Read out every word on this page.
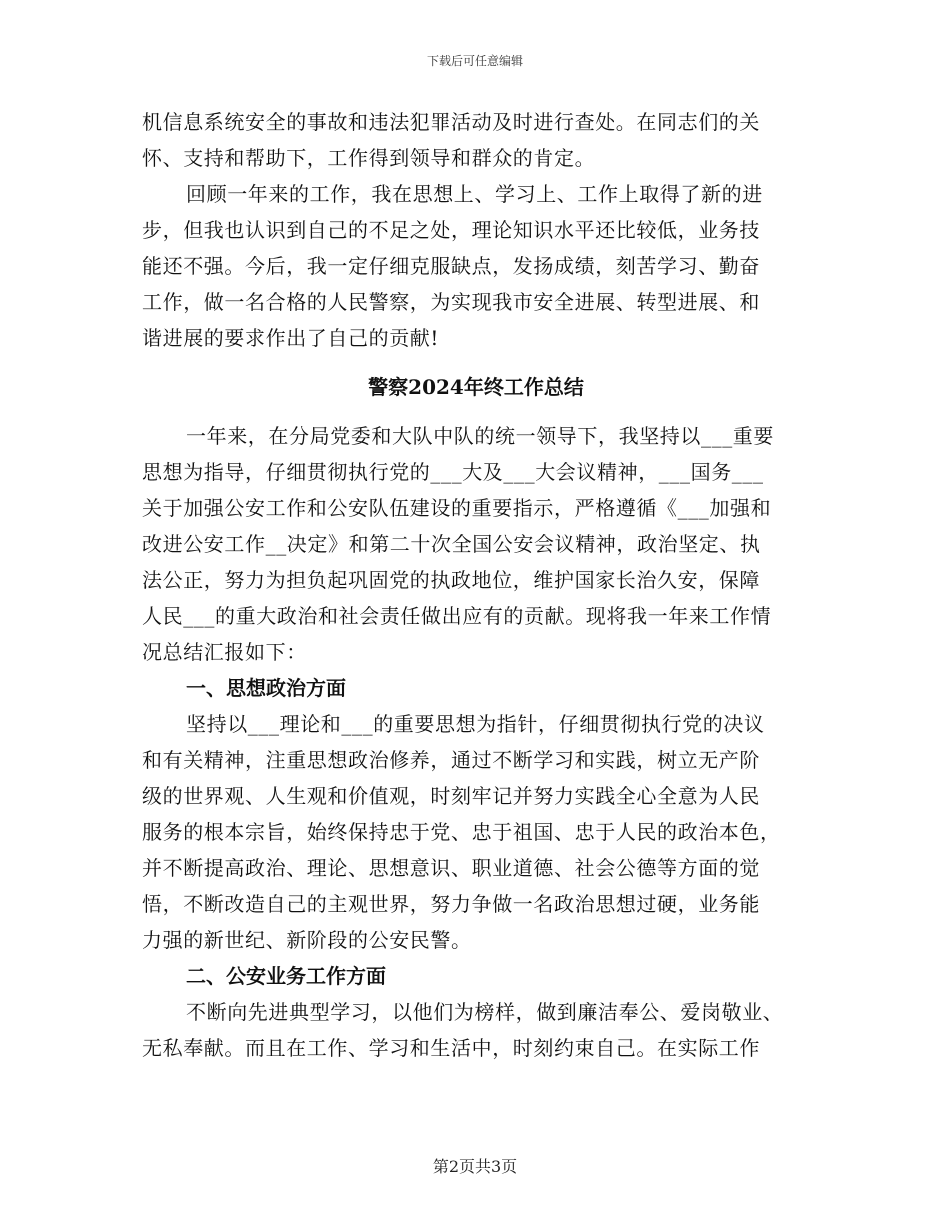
下载后可任意编辑
机信息系统安全的事故和违法犯罪活动及时进行查处。在同志们的关
怀、支持和帮助下，工作得到领导和群众的肯定。
回顾一年来的工作，我在思想上、学习上、工作上取得了新的进
步，但我也认识到自己的不足之处，理论知识水平还比较低，业务技
能还不强。今后，我一定仔细克服缺点，发扬成绩，刻苦学习、勤奋
工作，做一名合格的人民警察，为实现我市安全进展、转型进展、和
谐进展的要求作出了自己的贡献!
警察2024年终工作总结
一年来，在分局党委和大队中队的统一领导下，我坚持以___重要
思想为指导，仔细贯彻执行党的___大及___大会议精神，___国务___
关于加强公安工作和公安队伍建设的重要指示，严格遵循《___加强和
改进公安工作__决定》和第二十次全国公安会议精神，政治坚定、执
法公正，努力为担负起巩固党的执政地位，维护国家长治久安，保障
人民___的重大政治和社会责任做出应有的贡献。现将我一年来工作情
况总结汇报如下：
一、思想政治方面
坚持以___理论和___的重要思想为指针，仔细贯彻执行党的决议
和有关精神，注重思想政治修养，通过不断学习和实践，树立无产阶
级的世界观、人生观和价值观，时刻牢记并努力实践全心全意为人民
服务的根本宗旨，始终保持忠于党、忠于祖国、忠于人民的政治本色，
并不断提高政治、理论、思想意识、职业道德、社会公德等方面的觉
悟，不断改造自己的主观世界，努力争做一名政治思想过硬，业务能
力强的新世纪、新阶段的公安民警。
二、公安业务工作方面
不断向先进典型学习，以他们为榜样，做到廉洁奉公、爱岗敬业、
无私奉献。而且在工作、学习和生活中，时刻约束自己。在实际工作
第2页共3页
